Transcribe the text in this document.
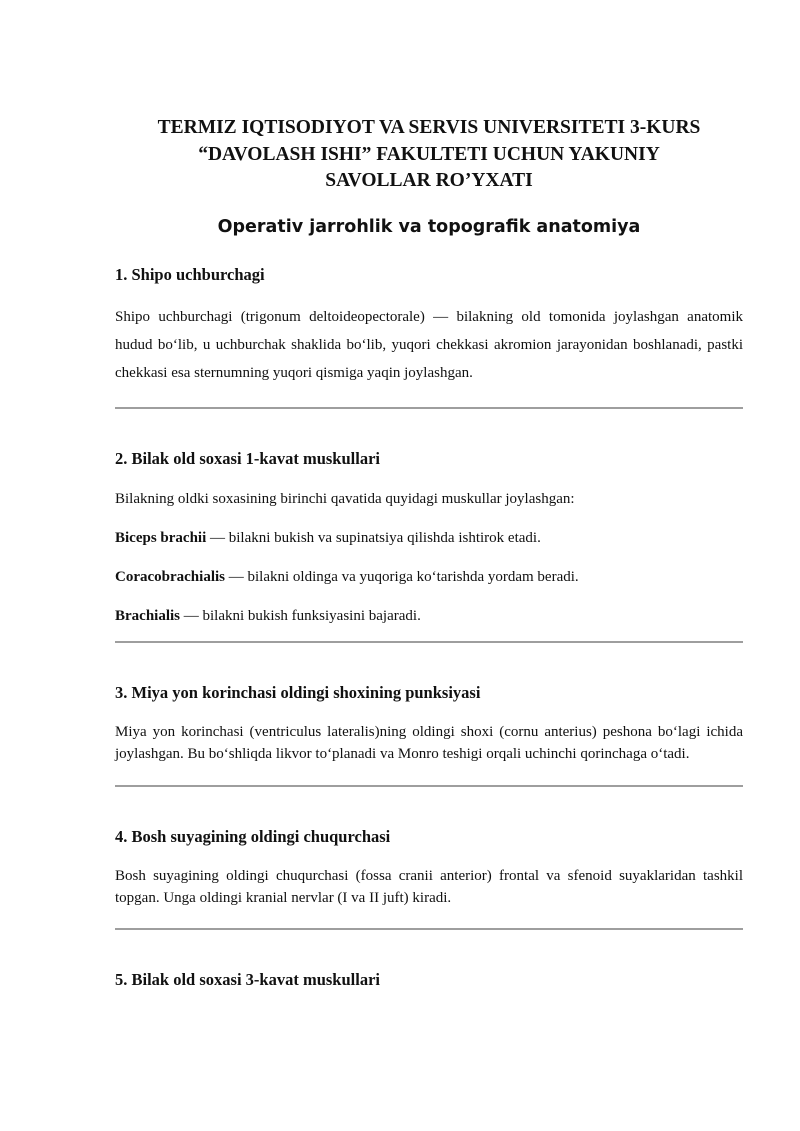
TERMIZ IQTISODIYOT VA SERVIS UNIVERSITETI 3-KURS
“DAVOLASH ISHI” FAKULTETI UCHUN YAKUNIY
SAVOLLAR RO’YXATI
Operativ jarrohlik va topografik anatomiya
1. Shipo uchburchagi

Shipo uchburchagi (trigonum deltoideopectorale) — bilakning old tomonida joylashgan anatomik hudud bo‘lib, u uchburchak shaklida bo‘lib, yuqori chekkasi akromion jarayonidan boshlanadi, pastki chekkasi esa sternumning yuqori qismiga yaqin joylashgan.

2. Bilak old soxasi 1-kavat muskullari

Bilakning oldki soxasining birinchi qavatida quyidagi muskullar joylashgan:

Biceps brachii — bilakni bukish va supinatsiya qilishda ishtirok etadi.

Coracobrachialis — bilakni oldinga va yuqoriga ko‘tarishda yordam beradi.

Brachialis — bilakni bukish funksiyasini bajaradi.

3. Miya yon korinchasi oldingi shoxining punksiyasi

Miya yon korinchasi (ventriculus lateralis)ning oldingi shoxi (cornu anterius) peshona bo‘lagi ichida joylashgan. Bu bo‘shliqda likvor to‘planadi va Monro teshigi orqali uchinchi qorinchaga o‘tadi.

4. Bosh suyagining oldingi chuqurchasi

Bosh suyagining oldingi chuqurchasi (fossa cranii anterior) frontal va sfenoid suyaklaridan tashkil topgan. Unga oldingi kranial nervlar (I va II juft) kiradi.

5. Bilak old soxasi 3-kavat muskullari
